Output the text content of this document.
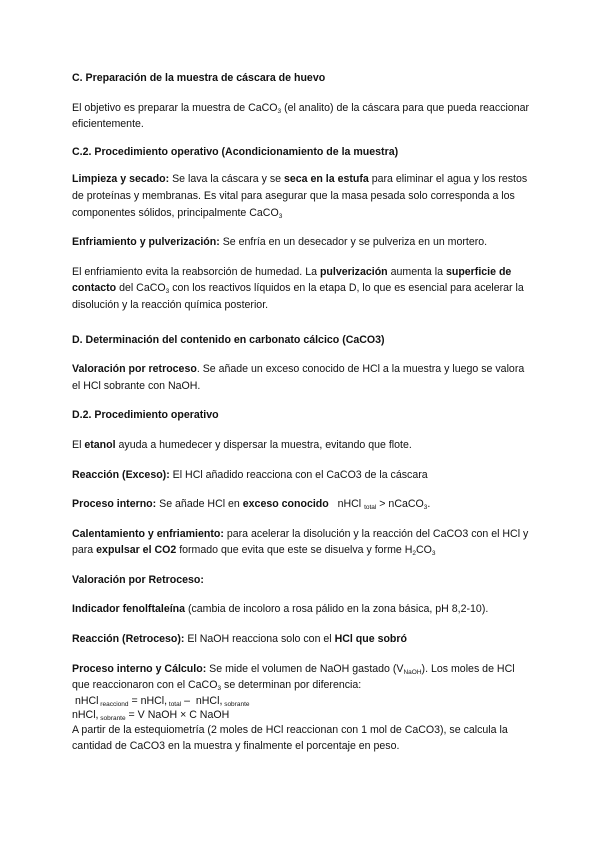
C. Preparación de la muestra de cáscara de huevo

El objetivo es preparar la muestra de CaCO$_3$ (el analito) de la cáscara para que pueda reaccionar eficientemente.

C.2. Procedimiento operativo (Acondicionamiento de la muestra)

Limpieza y secado: Se lava la cáscara y se seca en la estufa para eliminar el agua y los restos de proteínas y membranas. Es vital para asegurar que la masa pesada solo corresponda a los componentes sólidos, principalmente CaCO$_3$

Enfriamiento y pulverización: Se enfría en un desecador y se pulveriza en un mortero.

El enfriamiento evita la reabsorción de humedad. La pulverización aumenta la superficie de contacto del CaCO$_3$ con los reactivos líquidos en la etapa D, lo que es esencial para acelerar la disolución y la reacción química posterior.

D. Determinación del contenido en carbonato cálcico (CaCO3)

Valoración por retroceso. Se añade un exceso conocido de HCl a la muestra y luego se valora el HCl sobrante con NaOH.

D.2. Procedimiento operativo

El etanol ayuda a humedecer y dispersar la muestra, evitando que flote.

Reacción (Exceso): El HCl añadido reacciona con el CaCO3 de la cáscara

Proceso interno: Se añade HCl en exceso conocido   nHCl $_{total}$ > nCaCO$_3$.

Calentamiento y enfriamiento: para acelerar la disolución y la reacción del CaCO3 con el HCl y para expulsar el CO2 formado que evita que este se disuelva y forme $H_2CO_3$

Valoración por Retroceso:

Indicador fenolftaleína (cambia de incoloro a rosa pálido en la zona básica, pH 8,2-10).

Reacción (Retroceso): El NaOH reacciona solo con el HCl que sobró

Proceso interno y Cálculo: Se mide el volumen de NaOH gastado $(V_{NaOH})$. Los moles de HCl que reaccionaron con el CaCO$_3$ se determinan por diferencia:

nHCl $_{reacciond}$ = nHCl, $_{total}$ –  nHCl, $_{sobrante}$

nHCl, $_{sobrante}$ = V NaOH × C NaOH

A partir de la estequiometría (2 moles de HCl reaccionan con 1 mol de CaCO3), se calcula la cantidad de CaCO3 en la muestra y finalmente el porcentaje en peso.
